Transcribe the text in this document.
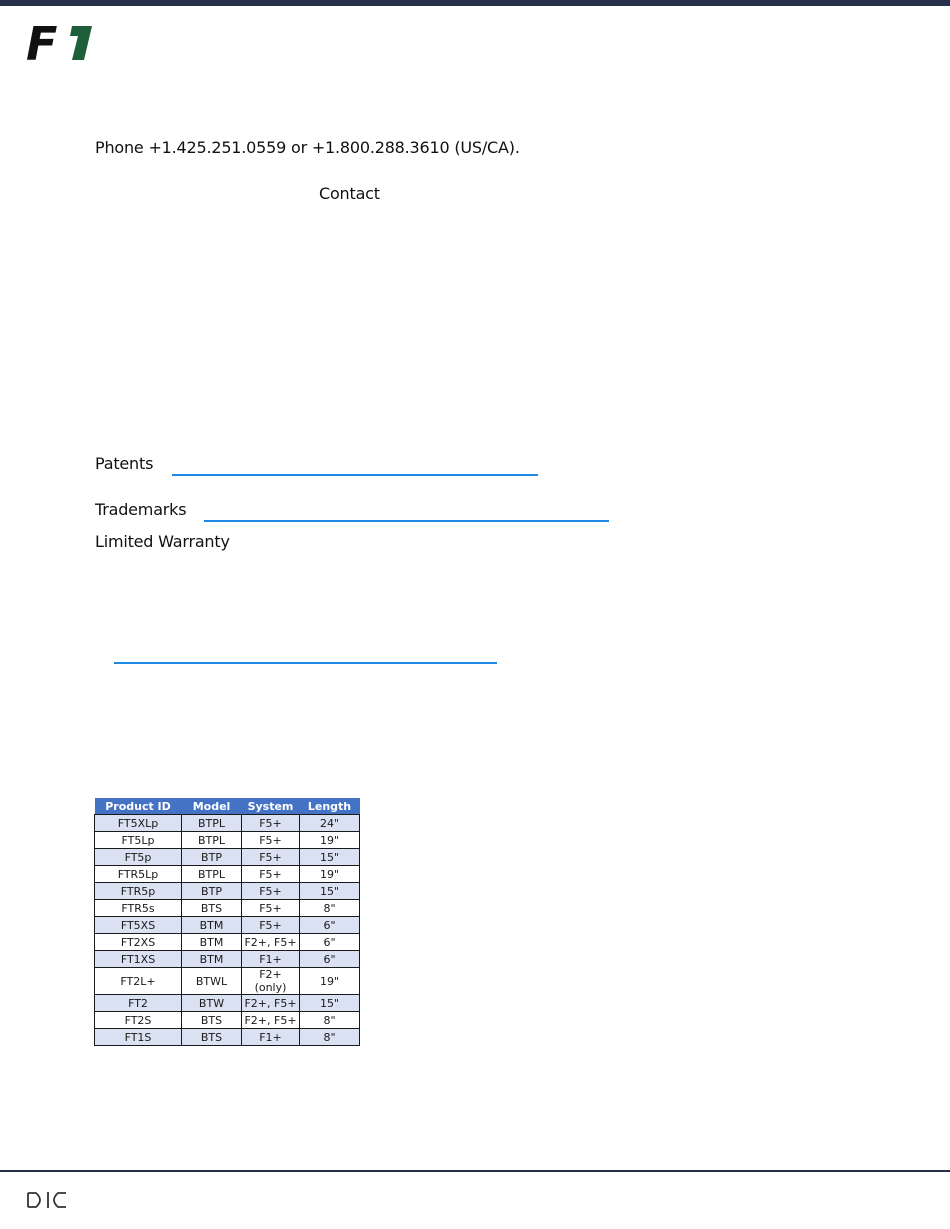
F
Phone +1.425.251.0559 or +1.800.288.3610 (US/CA).
Contact
Patents
Trademarks
Limited Warranty
Product ID	Model	System	Length
FT5XLp	BTPL	F5+	24"
FT5Lp	BTPL	F5+	19"
FT5p	BTP	F5+	15"
FTR5Lp	BTPL	F5+	19"
FTR5p	BTP	F5+	15"
FTR5s	BTS	F5+	8"
FT5XS	BTM	F5+	6"
FT2XS	BTM	F2+, F5+	6"
FT1XS	BTM	F1+	6"
FT2L+	BTWL	F2+ (only)	19"
FT2	BTW	F2+, F5+	15"
FT2S	BTS	F2+, F5+	8"
FT1S	BTS	F1+	8"
